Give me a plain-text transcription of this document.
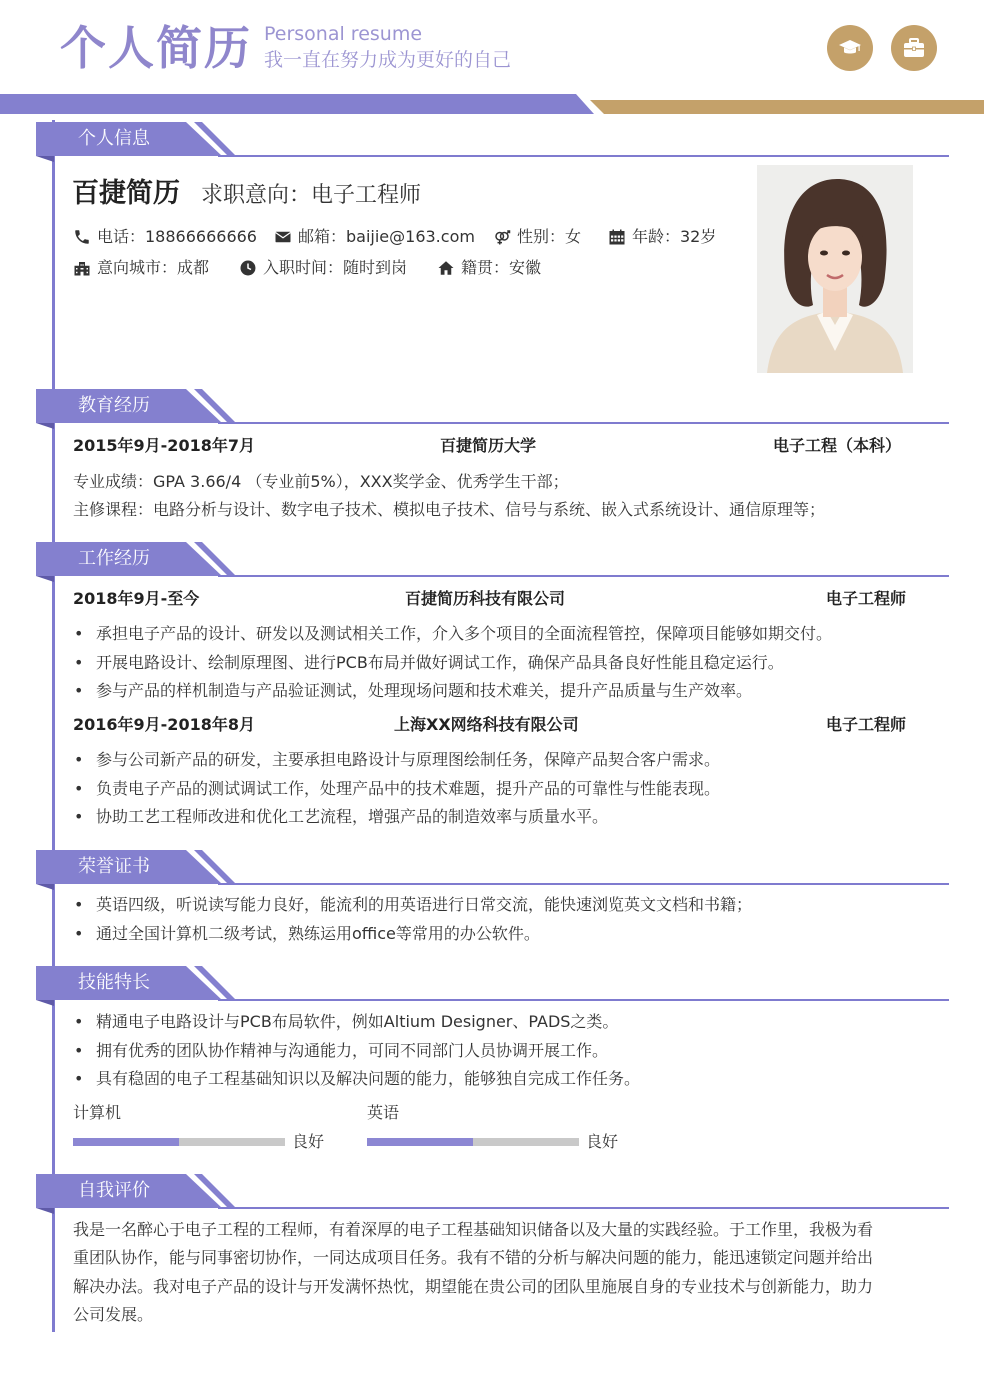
个人简历 Personal resume
我一直在努力成为更好的自己
个人信息
百捷简历 求职意向：电子工程师
电话：18866666666	邮箱：baijie@163.com	性别：女	年龄：32岁
意向城市：成都	入职时间：随时到岗	籍贯：安徽
教育经历
2015年9月-2018年7月	百捷简历大学	电子工程（本科）
专业成绩：GPA 3.66/4 （专业前5%），XXX奖学金、优秀学生干部；
主修课程：电路分析与设计、数字电子技术、模拟电子技术、信号与系统、嵌入式系统设计、通信原理等；
工作经历
2018年9月-至今	百捷简历科技有限公司	电子工程师
• 承担电子产品的设计、研发以及测试相关工作，介入多个项目的全面流程管控，保障项目能够如期交付。
• 开展电路设计、绘制原理图、进行PCB布局并做好调试工作，确保产品具备良好性能且稳定运行。
• 参与产品的样机制造与产品验证测试，处理现场问题和技术难关，提升产品质量与生产效率。
2016年9月-2018年8月	上海XX网络科技有限公司	电子工程师
• 参与公司新产品的研发，主要承担电路设计与原理图绘制任务，保障产品契合客户需求。
• 负责电子产品的测试调试工作，处理产品中的技术难题，提升产品的可靠性与性能表现。
• 协助工艺工程师改进和优化工艺流程，增强产品的制造效率与质量水平。
荣誉证书
• 英语四级，听说读写能力良好，能流利的用英语进行日常交流，能快速浏览英文文档和书籍；
• 通过全国计算机二级考试，熟练运用office等常用的办公软件。
技能特长
• 精通电子电路设计与PCB布局软件，例如Altium Designer、PADS之类。
• 拥有优秀的团队协作精神与沟通能力，可同不同部门人员协调开展工作。
• 具有稳固的电子工程基础知识以及解决问题的能力，能够独自完成工作任务。
计算机
良好
英语
良好
自我评价
我是一名醉心于电子工程的工程师，有着深厚的电子工程基础知识储备以及大量的实践经验。于工作里，我极为看
重团队协作，能与同事密切协作，一同达成项目任务。我有不错的分析与解决问题的能力，能迅速锁定问题并给出
解决办法。我对电子产品的设计与开发满怀热忱，期望能在贵公司的团队里施展自身的专业技术与创新能力，助力
公司发展。
